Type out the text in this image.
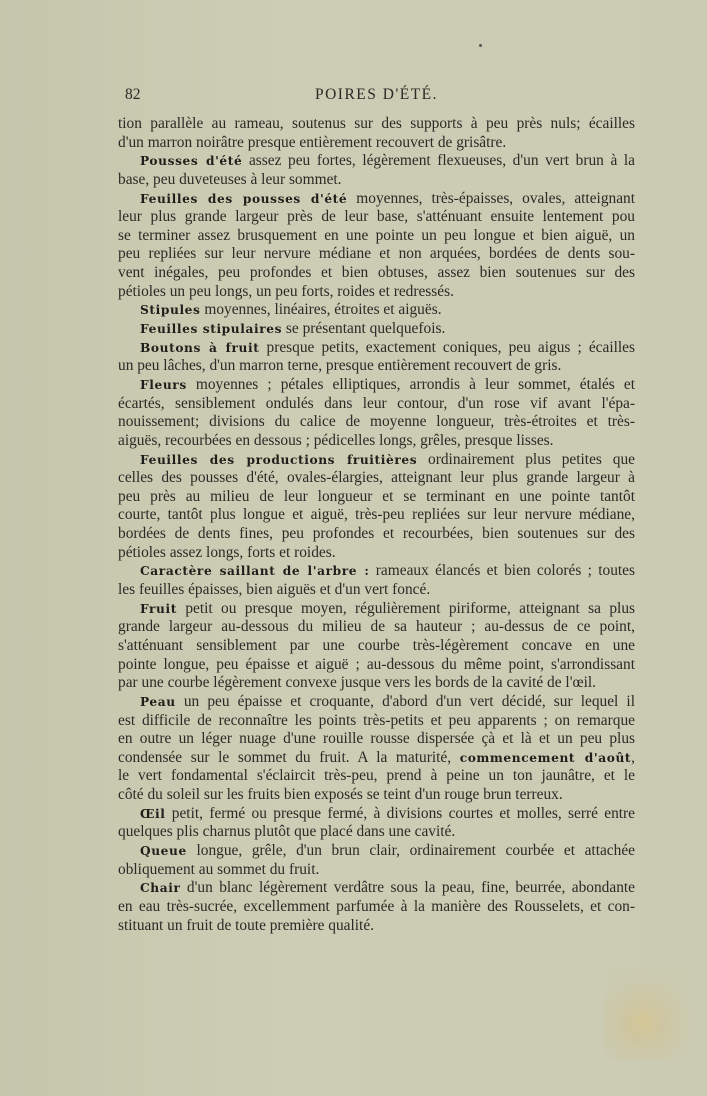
82	POIRES D'ÉTÉ.
tion parallèle au rameau, soutenus sur des supports à peu près nuls; écailles
d'un marron noirâtre presque entièrement recouvert de grisâtre.
Pousses d'été assez peu fortes, légèrement flexueuses, d'un vert brun à la
base, peu duveteuses à leur sommet.
Feuilles des pousses d'été moyennes, très-épaisses, ovales, atteignant
leur plus grande largeur près de leur base, s'atténuant ensuite lentement pou
se terminer assez brusquement en une pointe un peu longue et bien aiguë, un
peu repliées sur leur nervure médiane et non arquées, bordées de dents sou-
vent inégales, peu profondes et bien obtuses, assez bien soutenues sur des
pétioles un peu longs, un peu forts, roides et redressés.
Stipules moyennes, linéaires, étroites et aiguës.
Feuilles stipulaires se présentant quelquefois.
Boutons à fruit presque petits, exactement coniques, peu aigus ; écailles
un peu lâches, d'un marron terne, presque entièrement recouvert de gris.
Fleurs moyennes ; pétales elliptiques, arrondis à leur sommet, étalés et
écartés, sensiblement ondulés dans leur contour, d'un rose vif avant l'épa-
nouissement; divisions du calice de moyenne longueur, très-étroites et très-
aiguës, recourbées en dessous ; pédicelles longs, grêles, presque lisses.
Feuilles des productions fruitières ordinairement plus petites que
celles des pousses d'été, ovales-élargies, atteignant leur plus grande largeur à
peu près au milieu de leur longueur et se terminant en une pointe tantôt
courte, tantôt plus longue et aiguë, très-peu repliées sur leur nervure médiane,
bordées de dents fines, peu profondes et recourbées, bien soutenues sur des
pétioles assez longs, forts et roides.
Caractère saillant de l'arbre : rameaux élancés et bien colorés ; toutes
les feuilles épaisses, bien aiguës et d'un vert foncé.
Fruit petit ou presque moyen, régulièrement piriforme, atteignant sa plus
grande largeur au-dessous du milieu de sa hauteur ; au-dessus de ce point,
s'atténuant sensiblement par une courbe très-légèrement concave en une
pointe longue, peu épaisse et aiguë ; au-dessous du même point, s'arrondissant
par une courbe légèrement convexe jusque vers les bords de la cavité de l'œil.
Peau un peu épaisse et croquante, d'abord d'un vert décidé, sur lequel il
est difficile de reconnaître les points très-petits et peu apparents ; on remarque
en outre un léger nuage d'une rouille rousse dispersée çà et là et un peu plus
condensée sur le sommet du fruit. A la maturité, commencement d'août,
le vert fondamental s'éclaircit très-peu, prend à peine un ton jaunâtre, et le
côté du soleil sur les fruits bien exposés se teint d'un rouge brun terreux.
Œil petit, fermé ou presque fermé, à divisions courtes et molles, serré entre
quelques plis charnus plutôt que placé dans une cavité.
Queue longue, grêle, d'un brun clair, ordinairement courbée et attachée
obliquement au sommet du fruit.
Chair d'un blanc légèrement verdâtre sous la peau, fine, beurrée, abondante
en eau très-sucrée, excellemment parfumée à la manière des Rousselets, et con-
stituant un fruit de toute première qualité.
